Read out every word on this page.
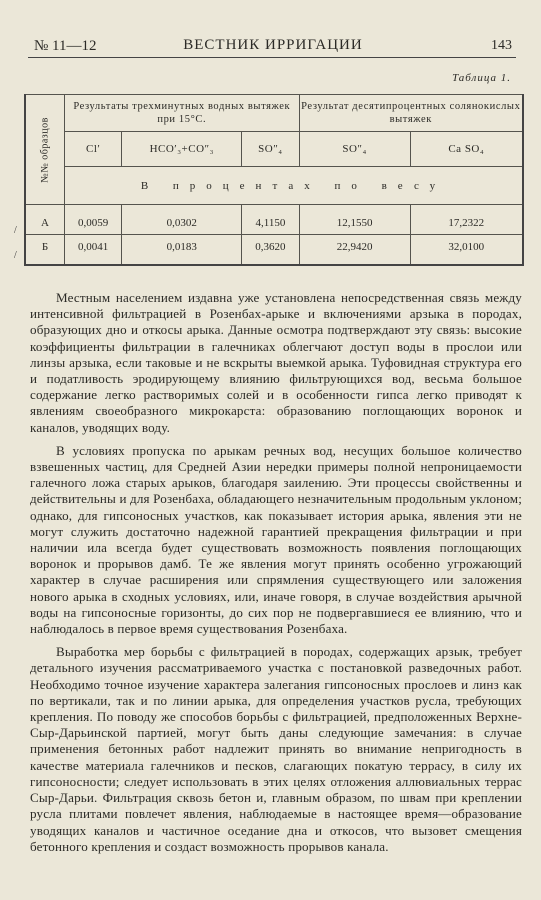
№ 11—12	ВЕСТНИК ИРРИГАЦИИ	143
Таблица 1.
№№ образцов	Результаты трехминутных водных вытяжек при 15°С.			Результат десятипроцентных солянокислых вытяжек	
	Cl′	HCO′₃+CO″₃	SO″₄	SO″₄	Ca SO₄
	В процентах по весу				
А	0,0059	0,0302	4,1150	12,1550	17,2322
Б	0,0041	0,0183	0,3620	22,9420	32,0100
/
/

Местным населением издавна уже установлена непосредственная связь между интенсивной фильтрацией в Розенбах-арыке и включениями арзыка в породах, образующих дно и откосы арыка. Данные осмотра подтверждают эту связь: высокие коэффициенты фильтрации в галечниках облегчают доступ воды в прослои или линзы арзыка, если таковые и не вскрыты выемкой арыка. Туфовидная структура его и податливость эродирующему влиянию фильтрующихся вод, весьма большое содержание легко растворимых солей и в особенности гипса легко приводят к явлениям своеобразного микрокарста: образованию поглощающих воронок и каналов, уводящих воду.

В условиях пропуска по арыкам речных вод, несущих большое количество взвешенных частиц, для Средней Азии нередки примеры полной непроницаемости галечного ложа старых арыков, благодаря заилению. Эти процессы свойственны и действительны и для Розенбаха, обладающего незначительным продольным уклоном; однако, для гипсоносных участков, как показывает история арыка, явления эти не могут служить достаточно надежной гарантией прекращения фильтрации и при наличии ила всегда будет существовать возможность появления поглощающих воронок и прорывов дамб. Те же явления могут принять особенно угрожающий характер в случае расширения или спрямления существующего или заложения нового арыка в сходных условиях, или, иначе говоря, в случае воздействия арычной воды на гипсоносные горизонты, до сих пор не подвергавшиеся ее влиянию, что и наблюдалось в первое время существования Розенбаха.

Выработка мер борьбы с фильтрацией в породах, содержащих арзык, требует детального изучения рассматриваемого участка с постановкой разведочных работ. Необходимо точное изучение характера залегания гипсоносных прослоев и линз как по вертикали, так и по линии арыка, для определения участков русла, требующих крепления. По поводу же способов борьбы с фильтрацией, предположенных Верхне-Сыр-Дарьинской партией, могут быть даны следующие замечания: в случае применения бетонных работ надлежит принять во внимание непригодность в качестве материала галечников и песков, слагающих покатую террасу, в силу их гипсоносности; следует использовать в этих целях отложения аллювиальных террас Сыр-Дарьи. Фильтрация сквозь бетон и, главным образом, по швам при креплении русла плитами повлечет явления, наблюдаемые в настоящее время—образование уводящих каналов и частичное оседание дна и откосов, что вызовет смещения бетонного крепления и создаст возможность прорывов канала.
